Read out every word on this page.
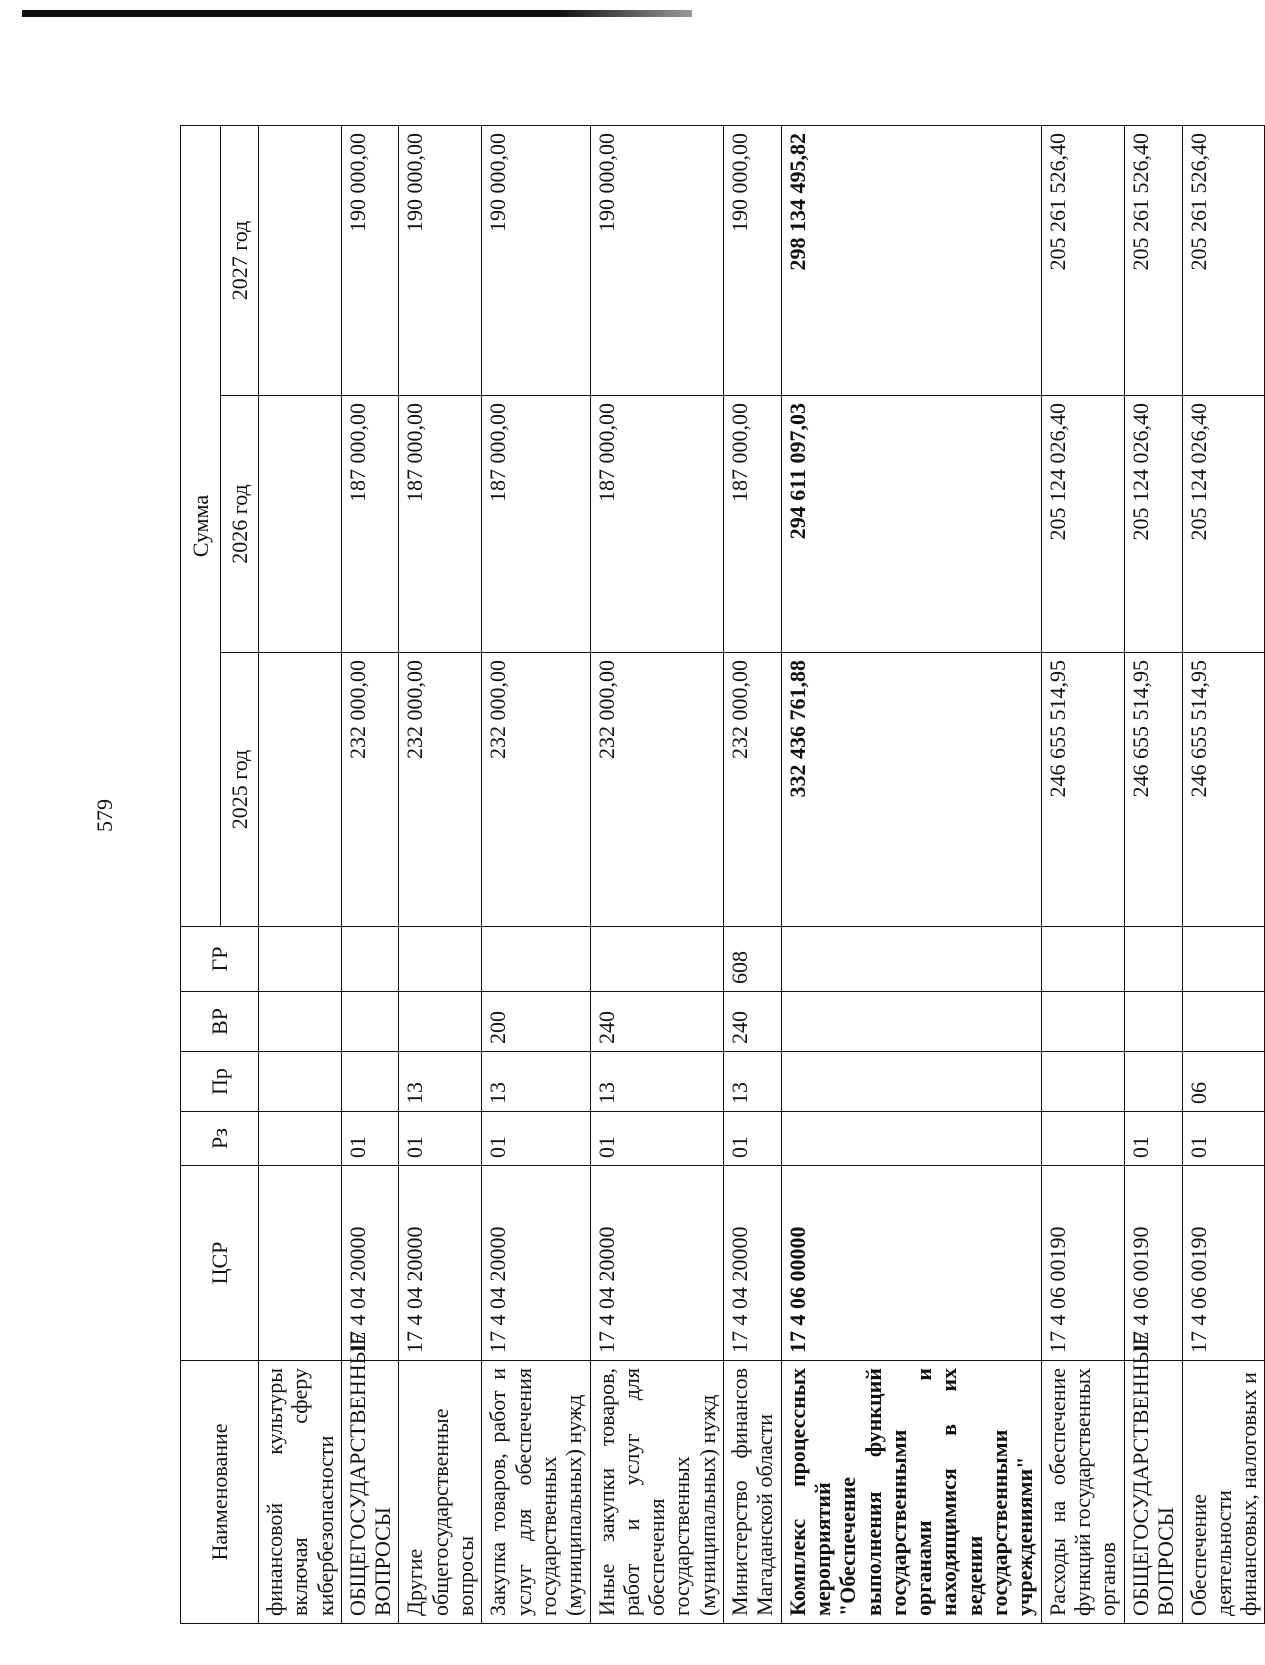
579
Наименование	ЦСР	Рз	Пр	ВР	ГР	Сумма		
						2025 год	2026 год	2027 год
финансовой культуры включая сферу кибербезопасности								
ОБЩЕГОСУДАРСТВЕННЫЕ ВОПРОСЫ	17 4 04 20000	01				232 000,00	187 000,00	190 000,00
Другие общегосударственные вопросы	17 4 04 20000	01	13			232 000,00	187 000,00	190 000,00
Закупка товаров, работ и услуг для обеспечения государственных (муниципальных) нужд	17 4 04 20000	01	13	200		232 000,00	187 000,00	190 000,00
Иные закупки товаров, работ и услуг для обеспечения государственных (муниципальных) нужд	17 4 04 20000	01	13	240		232 000,00	187 000,00	190 000,00
Министерство финансов Магаданской области	17 4 04 20000	01	13	240	608	232 000,00	187 000,00	190 000,00
Комплекс процессных мероприятий "Обеспечение выполнения функций государственными органами и находящимися в их ведении государственными учреждениями"	17 4 06 00000					332 436 761,88	294 611 097,03	298 134 495,82
Расходы на обеспечение функций государственных органов	17 4 06 00190					246 655 514,95	205 124 026,40	205 261 526,40
ОБЩЕГОСУДАРСТВЕННЫЕ ВОПРОСЫ	17 4 06 00190	01				246 655 514,95	205 124 026,40	205 261 526,40
Обеспечение деятельности финансовых, налоговых и	17 4 06 00190	01	06			246 655 514,95	205 124 026,40	205 261 526,40
